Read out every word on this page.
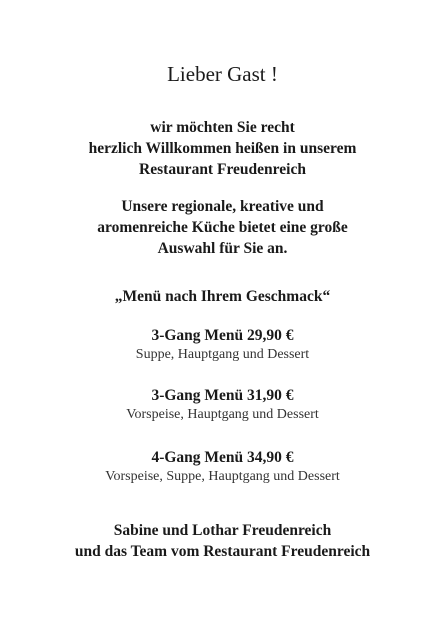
Lieber Gast !
wir möchten Sie recht
herzlich Willkommen heißen in unserem
Restaurant Freudenreich
Unsere regionale, kreative und
aromenreiche Küche bietet eine große
Auswahl für Sie an.
„Menü nach Ihrem Geschmack“
3-Gang Menü 29,90 €
Suppe, Hauptgang und Dessert
3-Gang Menü 31,90 €
Vorspeise, Hauptgang und Dessert
4-Gang Menü 34,90 €
Vorspeise, Suppe, Hauptgang und Dessert
Sabine und Lothar Freudenreich
und das Team vom Restaurant Freudenreich
